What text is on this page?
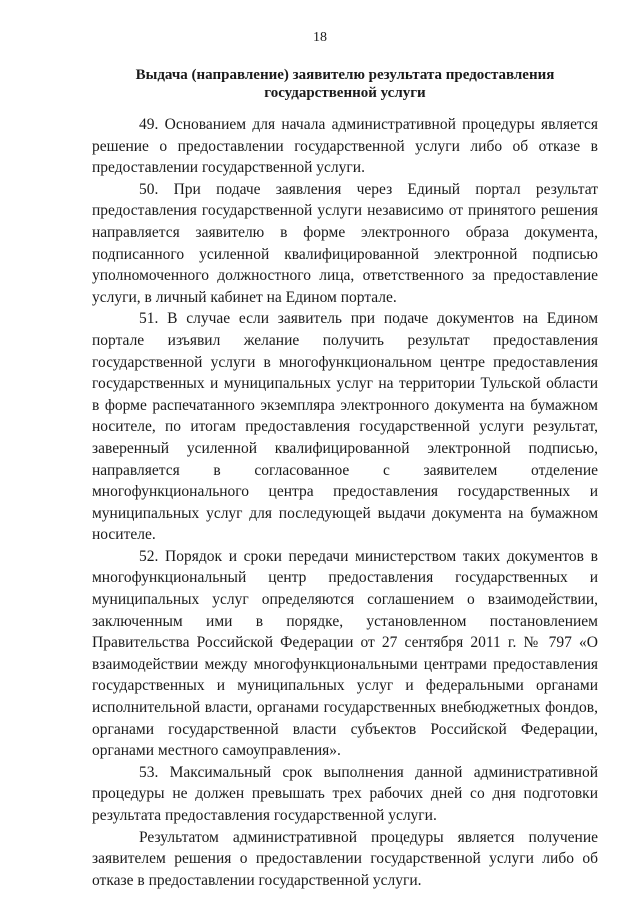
18
Выдача (направление) заявителю результата предоставления государственной услуги

49. Основанием для начала административной процедуры является решение о предоставлении государственной услуги либо об отказе в предоставлении государственной услуги.

50. При подаче заявления через Единый портал результат предоставления государственной услуги независимо от принятого решения направляется заявителю в форме электронного образа документа, подписанного усиленной квалифицированной электронной подписью уполномоченного должностного лица, ответственного за предоставление услуги, в личный кабинет на Едином портале.

51. В случае если заявитель при подаче документов на Едином портале изъявил желание получить результат предоставления государственной услуги в многофункциональном центре предоставления государственных и муниципальных услуг на территории Тульской области в форме распечатанного экземпляра электронного документа на бумажном носителе, по итогам предоставления государственной услуги результат, заверенный усиленной квалифицированной электронной подписью, направляется в согласованное с заявителем отделение многофункционального центра предоставления государственных и муниципальных услуг для последующей выдачи документа на бумажном носителе.

52. Порядок и сроки передачи министерством таких документов в многофункциональный центр предоставления государственных и муниципальных услуг определяются соглашением о взаимодействии, заключенным ими в порядке, установленном постановлением Правительства Российской Федерации от 27 сентября 2011 г. № 797 «О взаимодействии между многофункциональными центрами предоставления государственных и муниципальных услуг и федеральными органами исполнительной власти, органами государственных внебюджетных фондов, органами государственной власти субъектов Российской Федерации, органами местного самоуправления».

53. Максимальный срок выполнения данной административной процедуры не должен превышать трех рабочих дней со дня подготовки результата предоставления государственной услуги.

Результатом административной процедуры является получение заявителем решения о предоставлении государственной услуги либо об отказе в предоставлении государственной услуги.
